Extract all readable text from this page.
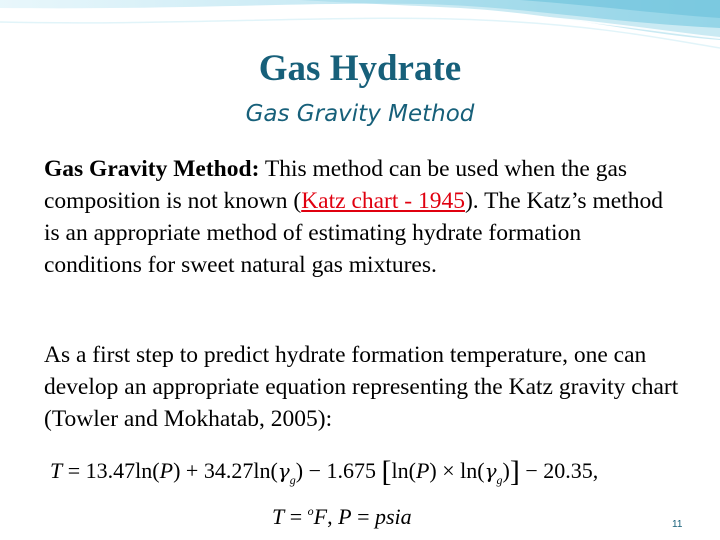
Gas Hydrate
Gas Gravity Method

Gas Gravity Method: This method can be used when the gas composition is not known (Katz chart - 1945). The Katz’s method is an appropriate method of estimating hydrate formation conditions for sweet natural gas mixtures.

As a first step to predict hydrate formation temperature, one can develop an appropriate equation representing the Katz gravity chart (Towler and Mokhatab, 2005):

$T = 13.47\ln(P) + 34.27\ln(\gamma_g) - 1.675$ $[\ln(P) \times \ln(\gamma_g)] - 20.35$,
T = $^o$F, P = psia	11
